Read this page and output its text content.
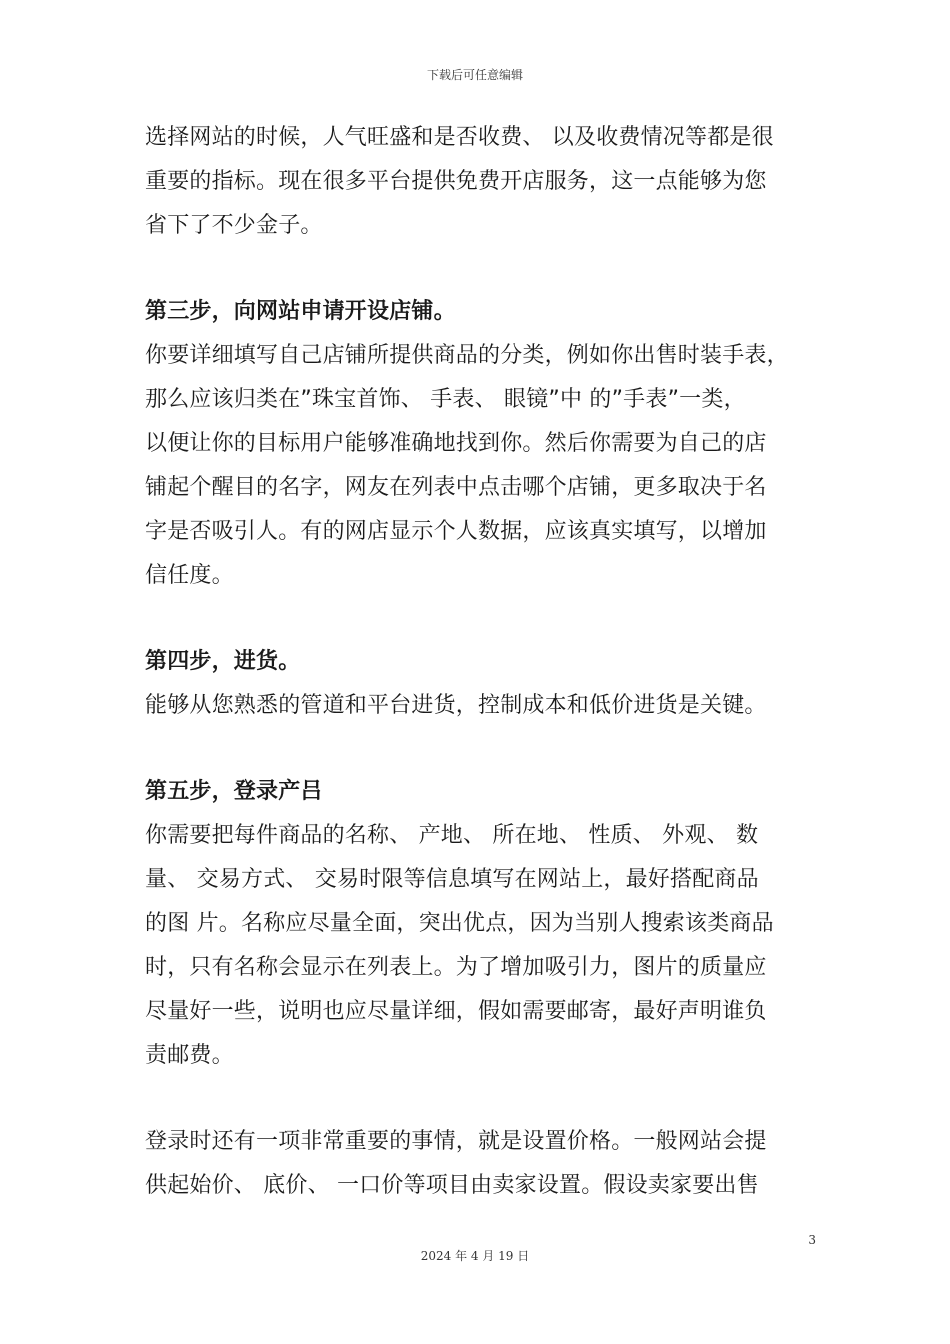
下载后可任意编辑
选择网站的时候，人气旺盛和是否收费、 以及收费情况等都是很
重要的指标。现在很多平台提供免费开店服务，这一点能够为您
省下了不少金子。
第三步，向网站申请开设店铺。
你要详细填写自己店铺所提供商品的分类，例如你出售时装手表，
那么应该归类在”珠宝首饰、 手表、 眼镜”中 的”手表”一类，
以便让你的目标用户能够准确地找到你。然后你需要为自己的店
铺起个醒目的名字，网友在列表中点击哪个店铺，更多取决于名
字是否吸引人。有的网店显示个人数据，应该真实填写，以增加
信任度。
第四步，进货。
能够从您熟悉的管道和平台进货，控制成本和低价进货是关键。
第五步，登录产吕
你需要把每件商品的名称、 产地、 所在地、 性质、 外观、 数
量、 交易方式、 交易时限等信息填写在网站上，最好搭配商品
的图 片。名称应尽量全面，突出优点，因为当别人搜索该类商品
时，只有名称会显示在列表上。为了增加吸引力，图片的质量应
尽量好一些，说明也应尽量详细，假如需要邮寄，最好声明谁负
责邮费。
登录时还有一项非常重要的事情，就是设置价格。一般网站会提
供起始价、 底价、 一口价等项目由卖家设置。假设卖家要出售
3
2024 年 4 月 19 日
